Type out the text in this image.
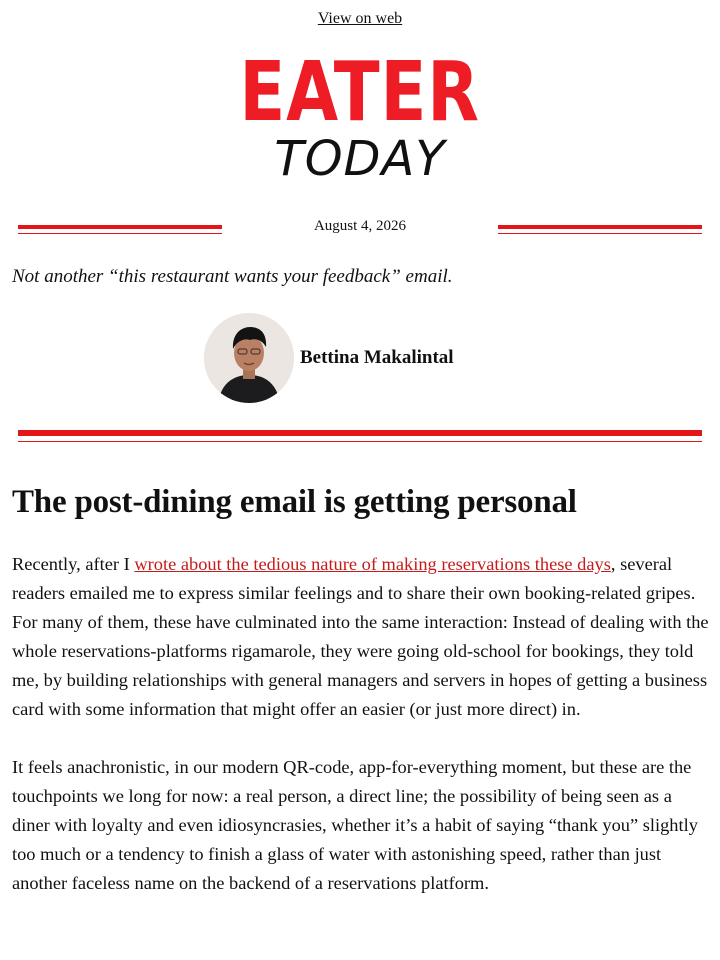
View on web
EATER
TODAY
August 4, 2026
Not another “this restaurant wants your feedback” email.
Bettina Makalintal
The post-dining email is getting personal

Recently, after I wrote about the tedious nature of making reservations these days, several readers emailed me to express similar feelings and to share their own booking-related gripes. For many of them, these have culminated into the same interaction: Instead of dealing with the whole reservations-platforms rigamarole, they were going old-school for bookings, they told me, by building relationships with general managers and servers in hopes of getting a business card with some information that might offer an easier (or just more direct) in.

It feels anachronistic, in our modern QR-code, app-for-everything moment, but these are the touchpoints we long for now: a real person, a direct line; the possibility of being seen as a diner with loyalty and even idiosyncrasies, whether it’s a habit of saying “thank you” slightly too much or a tendency to finish a glass of water with astonishing speed, rather than just another faceless name on the backend of a reservations platform.
